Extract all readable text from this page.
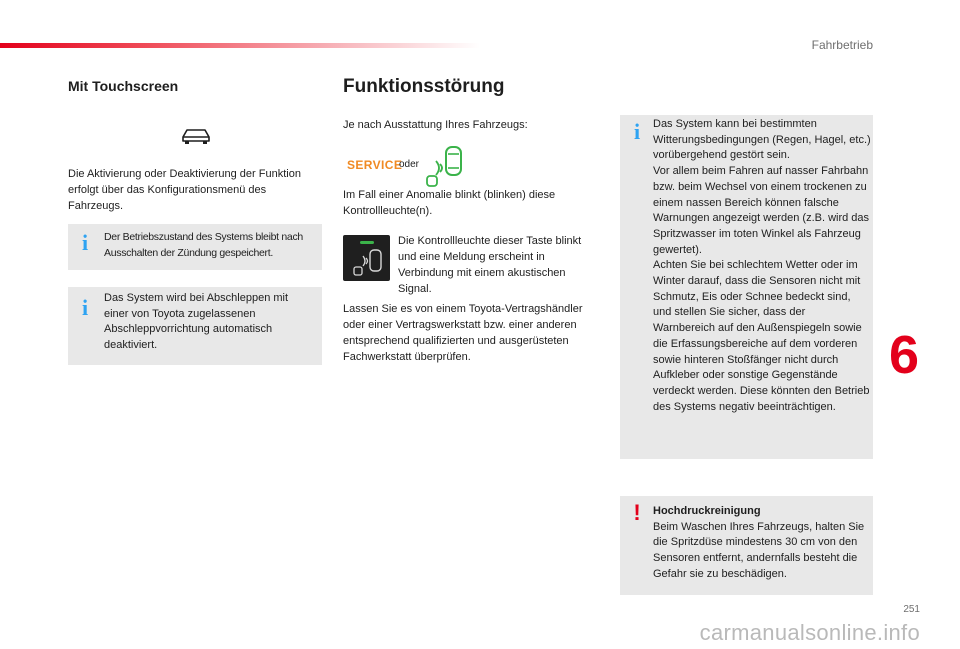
Fahrbetrieb
6
Mit Touchscreen
Die Aktivierung oder Deaktivierung der Funktion erfolgt über das Konfigurationsmenü des Fahrzeugs.
i Der Betriebszustand des Systems bleibt nach Ausschalten der Zündung gespeichert.
i Das System wird bei Abschleppen mit einer von Toyota zugelassenen Abschleppvorrichtung automatisch deaktiviert.
Funktionsstörung
Je nach Ausstattung Ihres Fahrzeugs:
SERVICE
oder
Im Fall einer Anomalie blinkt (blinken) diese Kontrollleuchte(n).
Die Kontrollleuchte dieser Taste blinkt und eine Meldung erscheint in Verbindung mit einem akustischen Signal.
Lassen Sie es von einem Toyota-Vertragshändler oder einer Vertragswerkstatt bzw. einer anderen entsprechend qualifizierten und ausgerüsteten Fachwerkstatt überprüfen.
i Das System kann bei bestimmten Witterungsbedingungen (Regen, Hagel, etc.) vorübergehend gestört sein.
Vor allem beim Fahren auf nasser Fahrbahn bzw. beim Wechsel von einem trockenen zu einem nassen Bereich können falsche Warnungen angezeigt werden (z.B. wird das Spritzwasser im toten Winkel als Fahrzeug gewertet).
Achten Sie bei schlechtem Wetter oder im Winter darauf, dass die Sensoren nicht mit Schmutz, Eis oder Schnee bedeckt sind, und stellen Sie sicher, dass der
Warnbereich auf den Außenspiegeln sowie die Erfassungsbereiche auf dem vorderen sowie hinteren Stoßfänger nicht durch Aufkleber oder sonstige Gegenstände verdeckt werden. Diese könnten den Betrieb des Systems negativ beeinträchtigen.
! Hochdruckreinigung
Beim Waschen Ihres Fahrzeugs, halten Sie die Spritzdüse mindestens 30 cm von den Sensoren entfernt, andernfalls besteht die Gefahr sie zu beschädigen.
251
carmanualsonline.info
